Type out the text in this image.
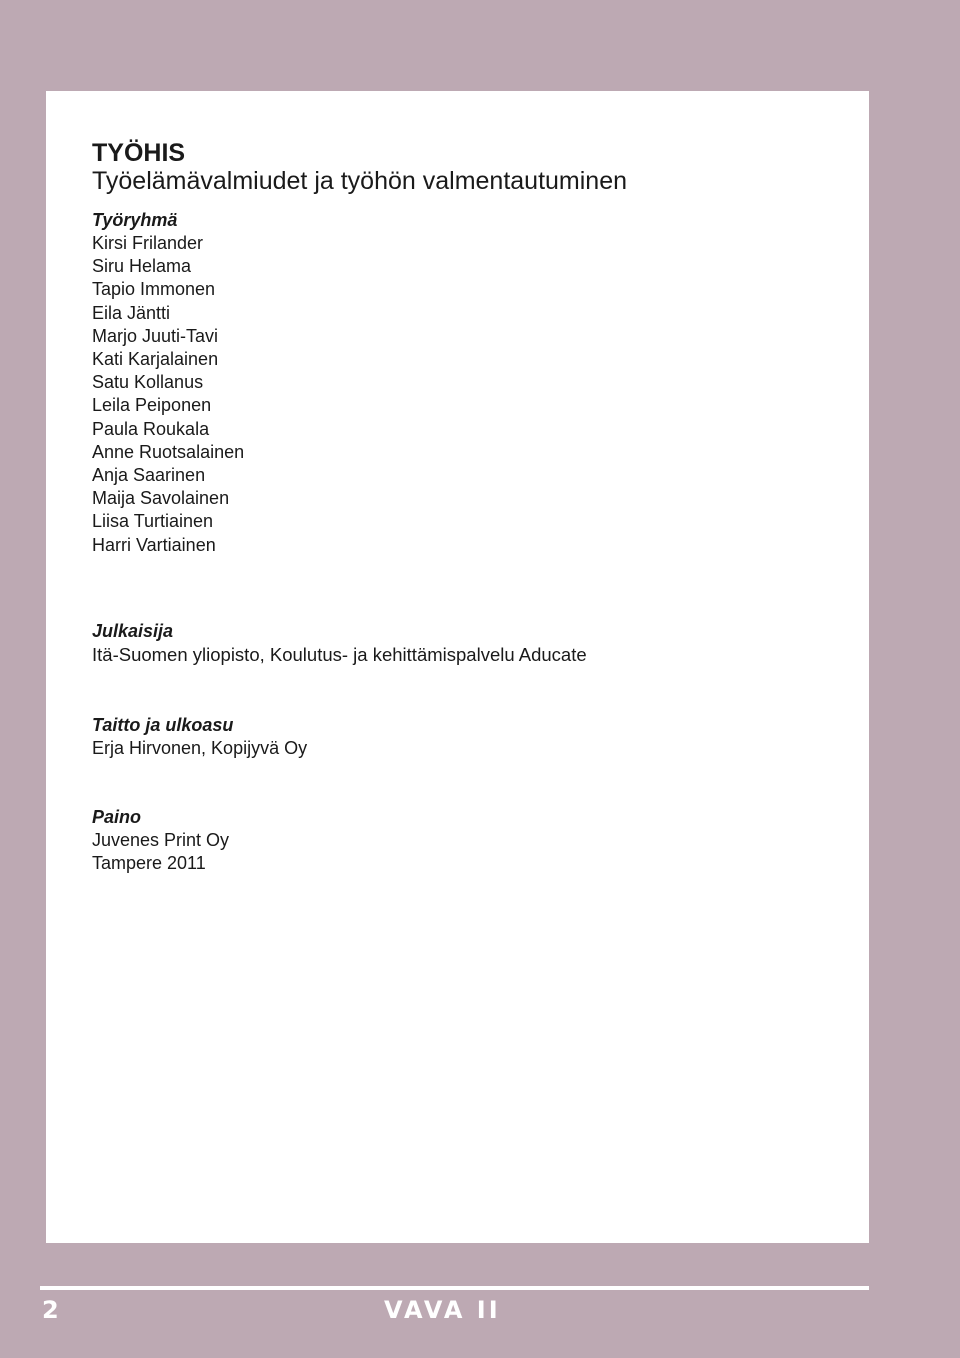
TYÖHIS
Työelämävalmiudet ja työhön valmentautuminen
Työryhmä
Kirsi Frilander
Siru Helama
Tapio Immonen
Eila Jäntti
Marjo Juuti-Tavi
Kati Karjalainen
Satu Kollanus
Leila Peiponen
Paula Roukala
Anne Ruotsalainen
Anja Saarinen
Maija Savolainen
Liisa Turtiainen
Harri Vartiainen
Julkaisija
Itä-Suomen yliopisto, Koulutus- ja kehittämispalvelu Aducate
Taitto ja ulkoasu
Erja Hirvonen, Kopijyvä Oy
Paino
Juvenes Print Oy
Tampere 2011
2	VAVA II
